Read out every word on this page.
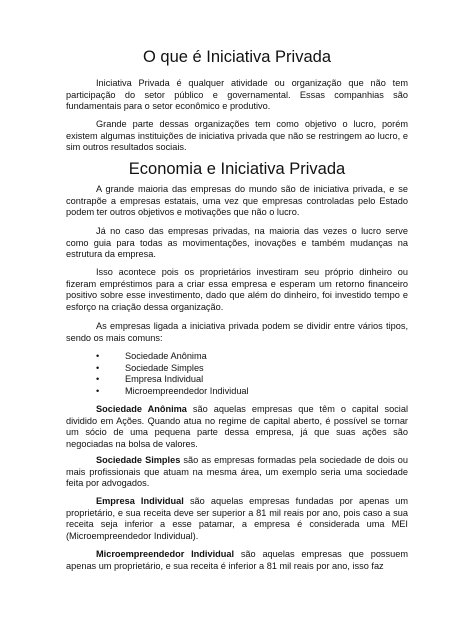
O que é Iniciativa Privada

Iniciativa Privada é qualquer atividade ou organização que não tem participação do setor público e governamental. Essas companhias são fundamentais para o setor econômico e produtivo.

Grande parte dessas organizações tem como objetivo o lucro, porém existem algumas instituições de iniciativa privada que não se restringem ao lucro, e sim outros resultados sociais.

Economia e Iniciativa Privada

A grande maioria das empresas do mundo são de iniciativa privada, e se contrapõe a empresas estatais, uma vez que empresas controladas pelo Estado podem ter outros objetivos e motivações que não o lucro.

Já no caso das empresas privadas, na maioria das vezes o lucro serve como guia para todas as movimentações, inovações e também mudanças na estrutura da empresa.

Isso acontece pois os proprietários investiram seu próprio dinheiro ou fizeram empréstimos para a criar essa empresa e esperam um retorno financeiro positivo sobre esse investimento, dado que além do dinheiro, foi investido tempo e esforço na criação dessa organização.

As empresas ligada a iniciativa privada podem se dividir entre vários tipos, sendo os mais comuns:

•	Sociedade Anônima
•	Sociedade Simples
•	Empresa Individual
•	Microempreendedor Individual

Sociedade Anônima são aquelas empresas que têm o capital social dividido em Ações. Quando atua no regime de capital aberto, é possível se tornar um sócio de uma pequena parte dessa empresa, já que suas ações são negociadas na bolsa de valores.

Sociedade Simples são as empresas formadas pela sociedade de dois ou mais profissionais que atuam na mesma área, um exemplo seria uma sociedade feita por advogados.

Empresa Individual são aquelas empresas fundadas por apenas um proprietário, e sua receita deve ser superior a 81 mil reais por ano, pois caso a sua receita seja inferior a esse patamar, a empresa é considerada uma MEI (Microempreendedor Individual).

Microempreendedor Individual são aquelas empresas que possuem apenas um proprietário, e sua receita é inferior a 81 mil reais por ano, isso faz
